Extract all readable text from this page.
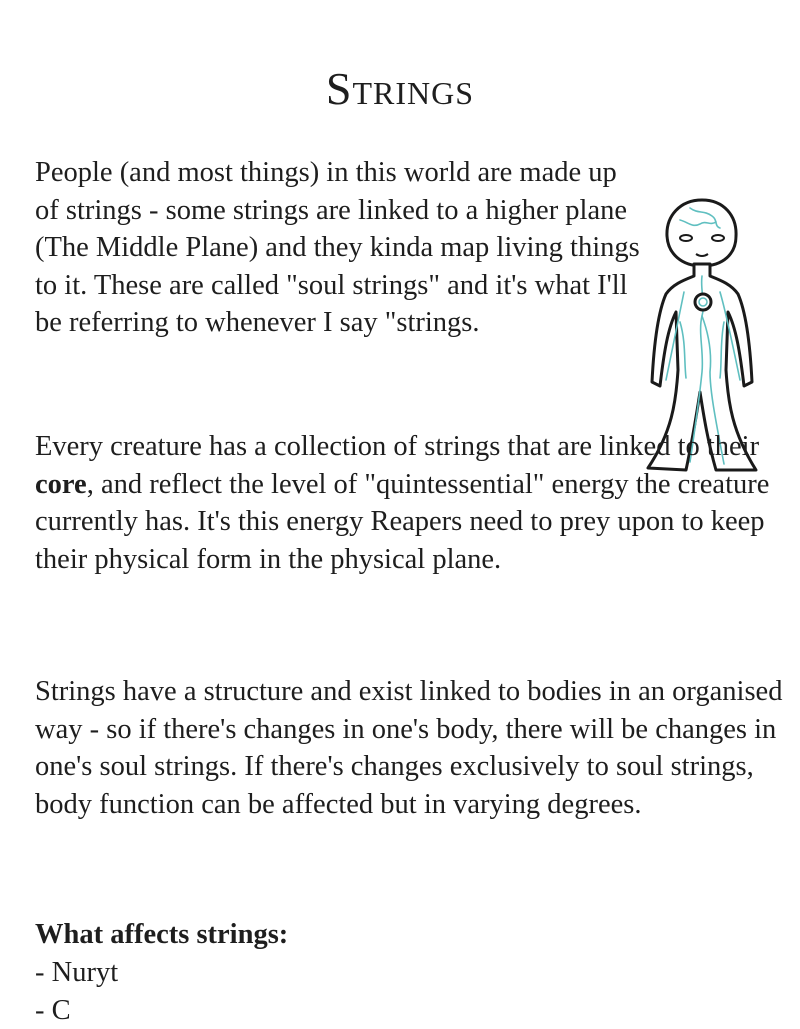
Strings

People (and most things) in this world are made up of strings - some strings are linked to a higher plane (The Middle Plane) and they kinda map living things to it. These are called "soul strings" and it's what I'll be referring to whenever I say "strings.

Every creature has a collection of strings that are linked to their core, and reflect the level of "quintessential" energy the creature currently has. It's this energy Reapers need to prey upon to keep their physical form in the physical plane.

Strings have a structure and exist linked to bodies in an organised way - so if there's changes in one's body, there will be changes in one's soul strings. If there's changes exclusively to soul strings, body function can be affected but in varying degrees.

What affects strings:

- Nuryt
- C
